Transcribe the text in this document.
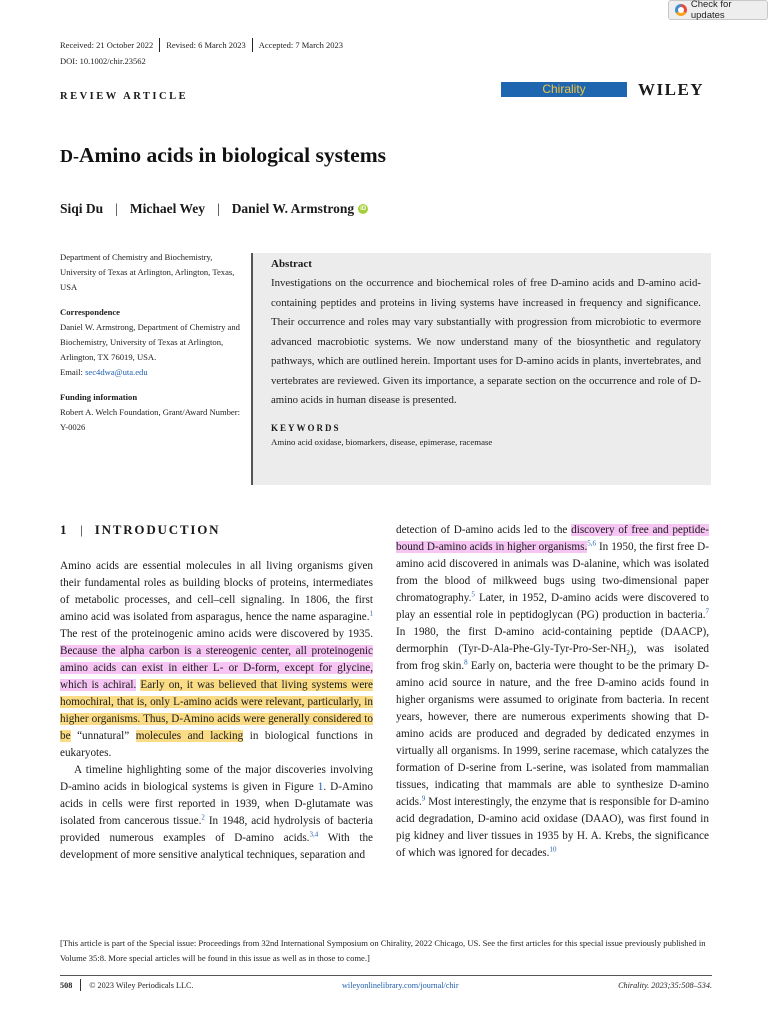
Check for updates
Received: 21 October 2022 Revised: 6 March 2023 Accepted: 7 March 2023
DOI: 10.1002/chir.23562
REVIEW ARTICLE
Chirality	WILEY
D-Amino acids in biological systems
Siqi Du | Michael Wey | Daniel W. Armstrong	iD
Department of Chemistry and Biochemistry, University of Texas at Arlington, Arlington, Texas, USA
Correspondence
Daniel W. Armstrong, Department of Chemistry and Biochemistry, University of Texas at Arlington, Arlington, TX 76019, USA.
Email: sec4dwa@uta.edu
Funding information
Robert A. Welch Foundation, Grant/Award Number: Y-0026
Abstract
Investigations on the occurrence and biochemical roles of free D-amino acids and D-amino acid-containing peptides and proteins in living systems have increased in frequency and significance. Their occurrence and roles may vary substantially with progression from microbiotic to evermore advanced macrobiotic systems. We now understand many of the biosynthetic and regulatory pathways, which are outlined herein. Important uses for D-amino acids in plants, invertebrates, and vertebrates are reviewed. Given its importance, a separate section on the occurrence and role of D-amino acids in human disease is presented.
KEYWORDS
Amino acid oxidase, biomarkers, disease, epimerase, racemase
1 | INTRODUCTION

Amino acids are essential molecules in all living organisms given their fundamental roles as building blocks of proteins, intermediates of metabolic processes, and cell–cell signaling. In 1806, the first amino acid was isolated from asparagus, hence the name asparagine.$^1$ The rest of the proteinogenic amino acids were discovered by 1935. Because the alpha carbon is a stereogenic center, all proteinogenic amino acids can exist in either L- or D-form, except for glycine, which is achiral. Early on, it was believed that living systems were homochiral, that is, only L-amino acids were relevant, particularly, in higher organisms. Thus, D-Amino acids were generally considered to be “unnatural” molecules and lacking in biological functions in eukaryotes.

A timeline highlighting some of the major discoveries involving D-amino acids in biological systems is given in Figure 1. D-Amino acids in cells were first reported in 1939, when D-glutamate was isolated from cancerous tissue.$^2$ In 1948, acid hydrolysis of bacteria provided numerous examples of D-amino acids.$^{3,4}$ With the development of more sensitive analytical techniques, separation and

detection of D-amino acids led to the discovery of free and peptide-bound D-amino acids in higher organisms.$^{5,6}$ In 1950, the first free D-amino acid discovered in animals was D-alanine, which was isolated from the blood of milkweed bugs using two-dimensional paper chromatography.$^5$ Later, in 1952, D-amino acids were discovered to play an essential role in peptidoglycan (PG) production in bacteria.$^7$ In 1980, the first D-amino acid-containing peptide (DAACP), dermorphin $(Tyr-D-Ala-Phe-Gly-Tyr-Pro-Ser-NH_2)$, was isolated from frog skin.$^8$ Early on, bacteria were thought to be the primary D-amino acid source in nature, and the free D-amino acids found in higher organisms were assumed to originate from bacteria. In recent years, however, there are numerous experiments showing that D-amino acids are produced and degraded by dedicated enzymes in virtually all organisms. In 1999, serine racemase, which catalyzes the formation of D-serine from L-serine, was isolated from mammalian tissues, indicating that mammals are able to synthesize D-amino acids.$^9$ Most interestingly, the enzyme that is responsible for D-amino acid degradation, D-amino acid oxidase (DAAO), was first found in pig kidney and liver tissues in 1935 by H. A. Krebs, the significance of which was ignored for decades.$^{10}$

[This article is part of the Special issue: Proceedings from 32nd International Symposium on Chirality, 2022 Chicago, US. See the first articles for this special issue previously published in Volume 35:8. More special articles will be found in this issue as well as in those to come.]
508 © 2023 Wiley Periodicals LLC.	wileyonlinelibrary.com/journal/chir	Chirality. 2023;35:508–534.
